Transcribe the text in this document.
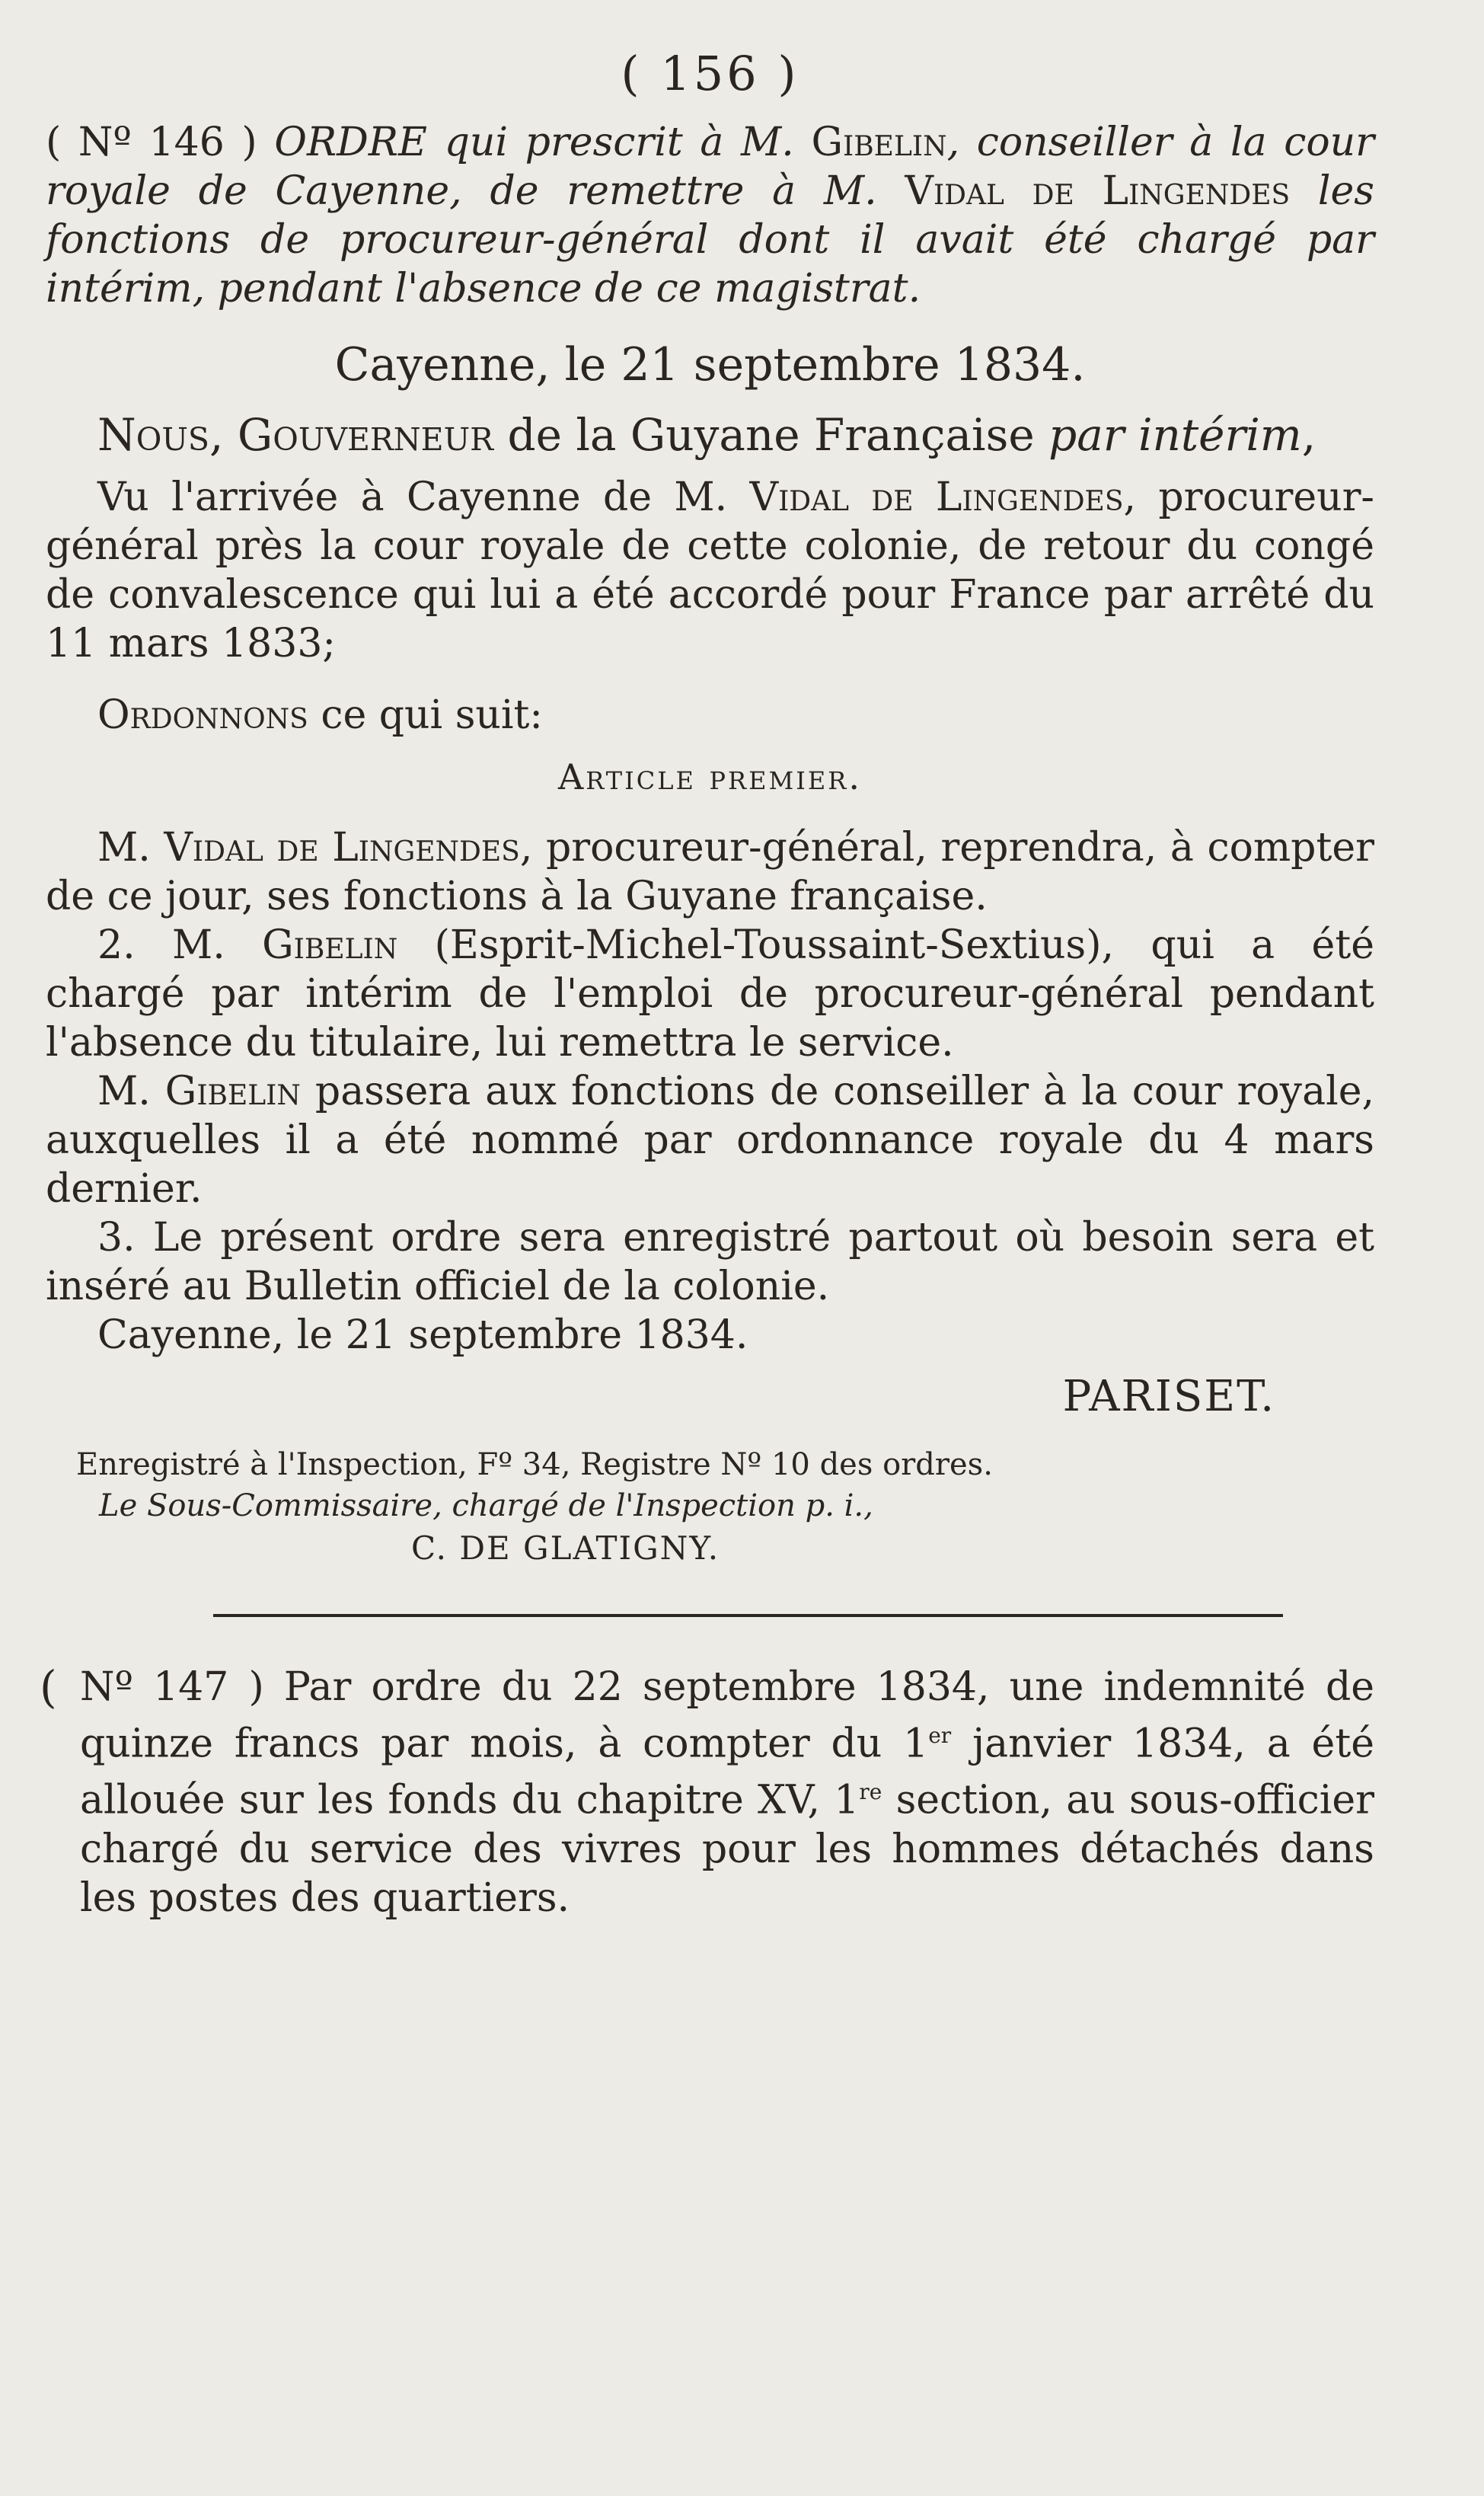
( 156 )
( Nº 146 ) ORDRE qui prescrit à M. Gibelin, conseiller à la cour royale de Cayenne, de remettre à M. Vidal de Lingendes les fonctions de procureur-général dont il avait été chargé par intérim, pendant l'absence de ce magistrat.
Cayenne, le 21 septembre 1834.
Nous, Gouverneur de la Guyane Française par intérim,

Vu l'arrivée à Cayenne de M. Vidal de Lingendes, procureur-général près la cour royale de cette colonie, de retour du congé de convalescence qui lui a été accordé pour France par arrêté du 11 mars 1833;

Ordonnons ce qui suit:
Article premier.

M. Vidal de Lingendes, procureur-général, reprendra, à compter de ce jour, ses fonctions à la Guyane française.

2. M. Gibelin (Esprit-Michel-Toussaint-Sextius), qui a été chargé par intérim de l'emploi de procureur-général pendant l'absence du titulaire, lui remettra le service.

M. Gibelin passera aux fonctions de conseiller à la cour royale, auxquelles il a été nommé par ordonnance royale du 4 mars dernier.

3. Le présent ordre sera enregistré partout où besoin sera et inséré au Bulletin officiel de la colonie.

Cayenne, le 21 septembre 1834.

PARISET.
Enregistré à l'Inspection, Fº 34, Registre Nº 10 des ordres.
Le Sous-Commissaire, chargé de l'Inspection p. i.,
C. DE GLATIGNY.
( Nº 147 ) Par ordre du 22 septembre 1834, une indemnité de quinze francs par mois, à compter du 1er janvier 1834, a été allouée sur les fonds du chapitre XV, 1re section, au sous-officier chargé du service des vivres pour les hommes détachés dans les postes des quartiers.
